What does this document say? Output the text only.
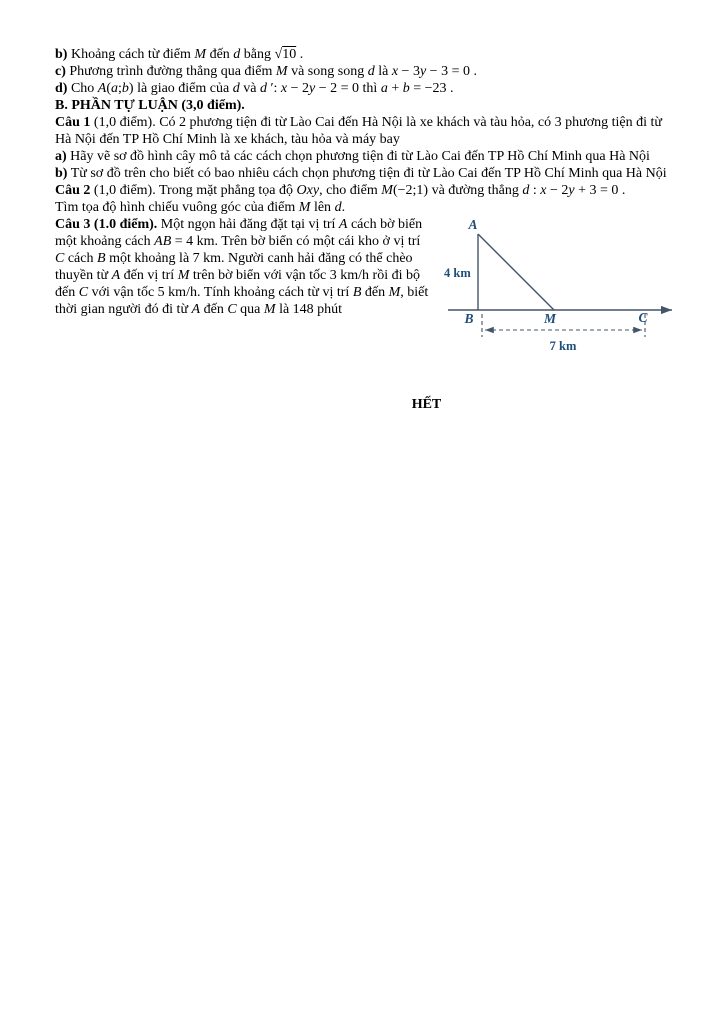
b) Khoảng cách từ điểm M đến d bằng √10 .

c) Phương trình đường thẳng qua điểm M và song song d là x − 3y − 3 = 0 .

d) Cho A(a;b) là giao điểm của d và d ′: x − 2y − 2 = 0 thì a + b = −23 .

B. PHẦN TỰ LUẬN (3,0 điểm).

Câu 1 (1,0 điểm). Có 2 phương tiện đi từ Lào Cai đến Hà Nội là xe khách và tàu hỏa, có 3 phương tiện đi từ Hà Nội đến TP Hồ Chí Minh là xe khách, tàu hỏa và máy bay

a) Hãy vẽ sơ đồ hình cây mô tả các cách chọn phương tiện đi từ Lào Cai đến TP Hồ Chí Minh qua Hà Nội

b) Từ sơ đồ trên cho biết có bao nhiêu cách chọn phương tiện đi từ Lào Cai đến TP Hồ Chí Minh qua Hà Nội

Câu 2 (1,0 điểm). Trong mặt phẳng tọa độ Oxy, cho điểm M(−2;1) và đường thẳng d : x − 2y + 3 = 0 .

Tìm tọa độ hình chiếu vuông góc của điểm M lên d.

A
B	M	C
4 km
7 km

Câu 3 (1.0 điểm). Một ngọn hải đăng đặt tại vị trí A cách bờ biển một khoảng cách AB = 4 km. Trên bờ biển có một cái kho ở vị trí C cách B một khoảng là 7 km. Người canh hải đăng có thể chèo thuyền từ A đến vị trí M trên bờ biển với vận tốc 3 km/h rồi đi bộ đến C với vận tốc 5 km/h. Tính khoảng cách từ vị trí B đến M, biết thời gian người đó đi từ A đến C qua M là 148 phút

HẾT
